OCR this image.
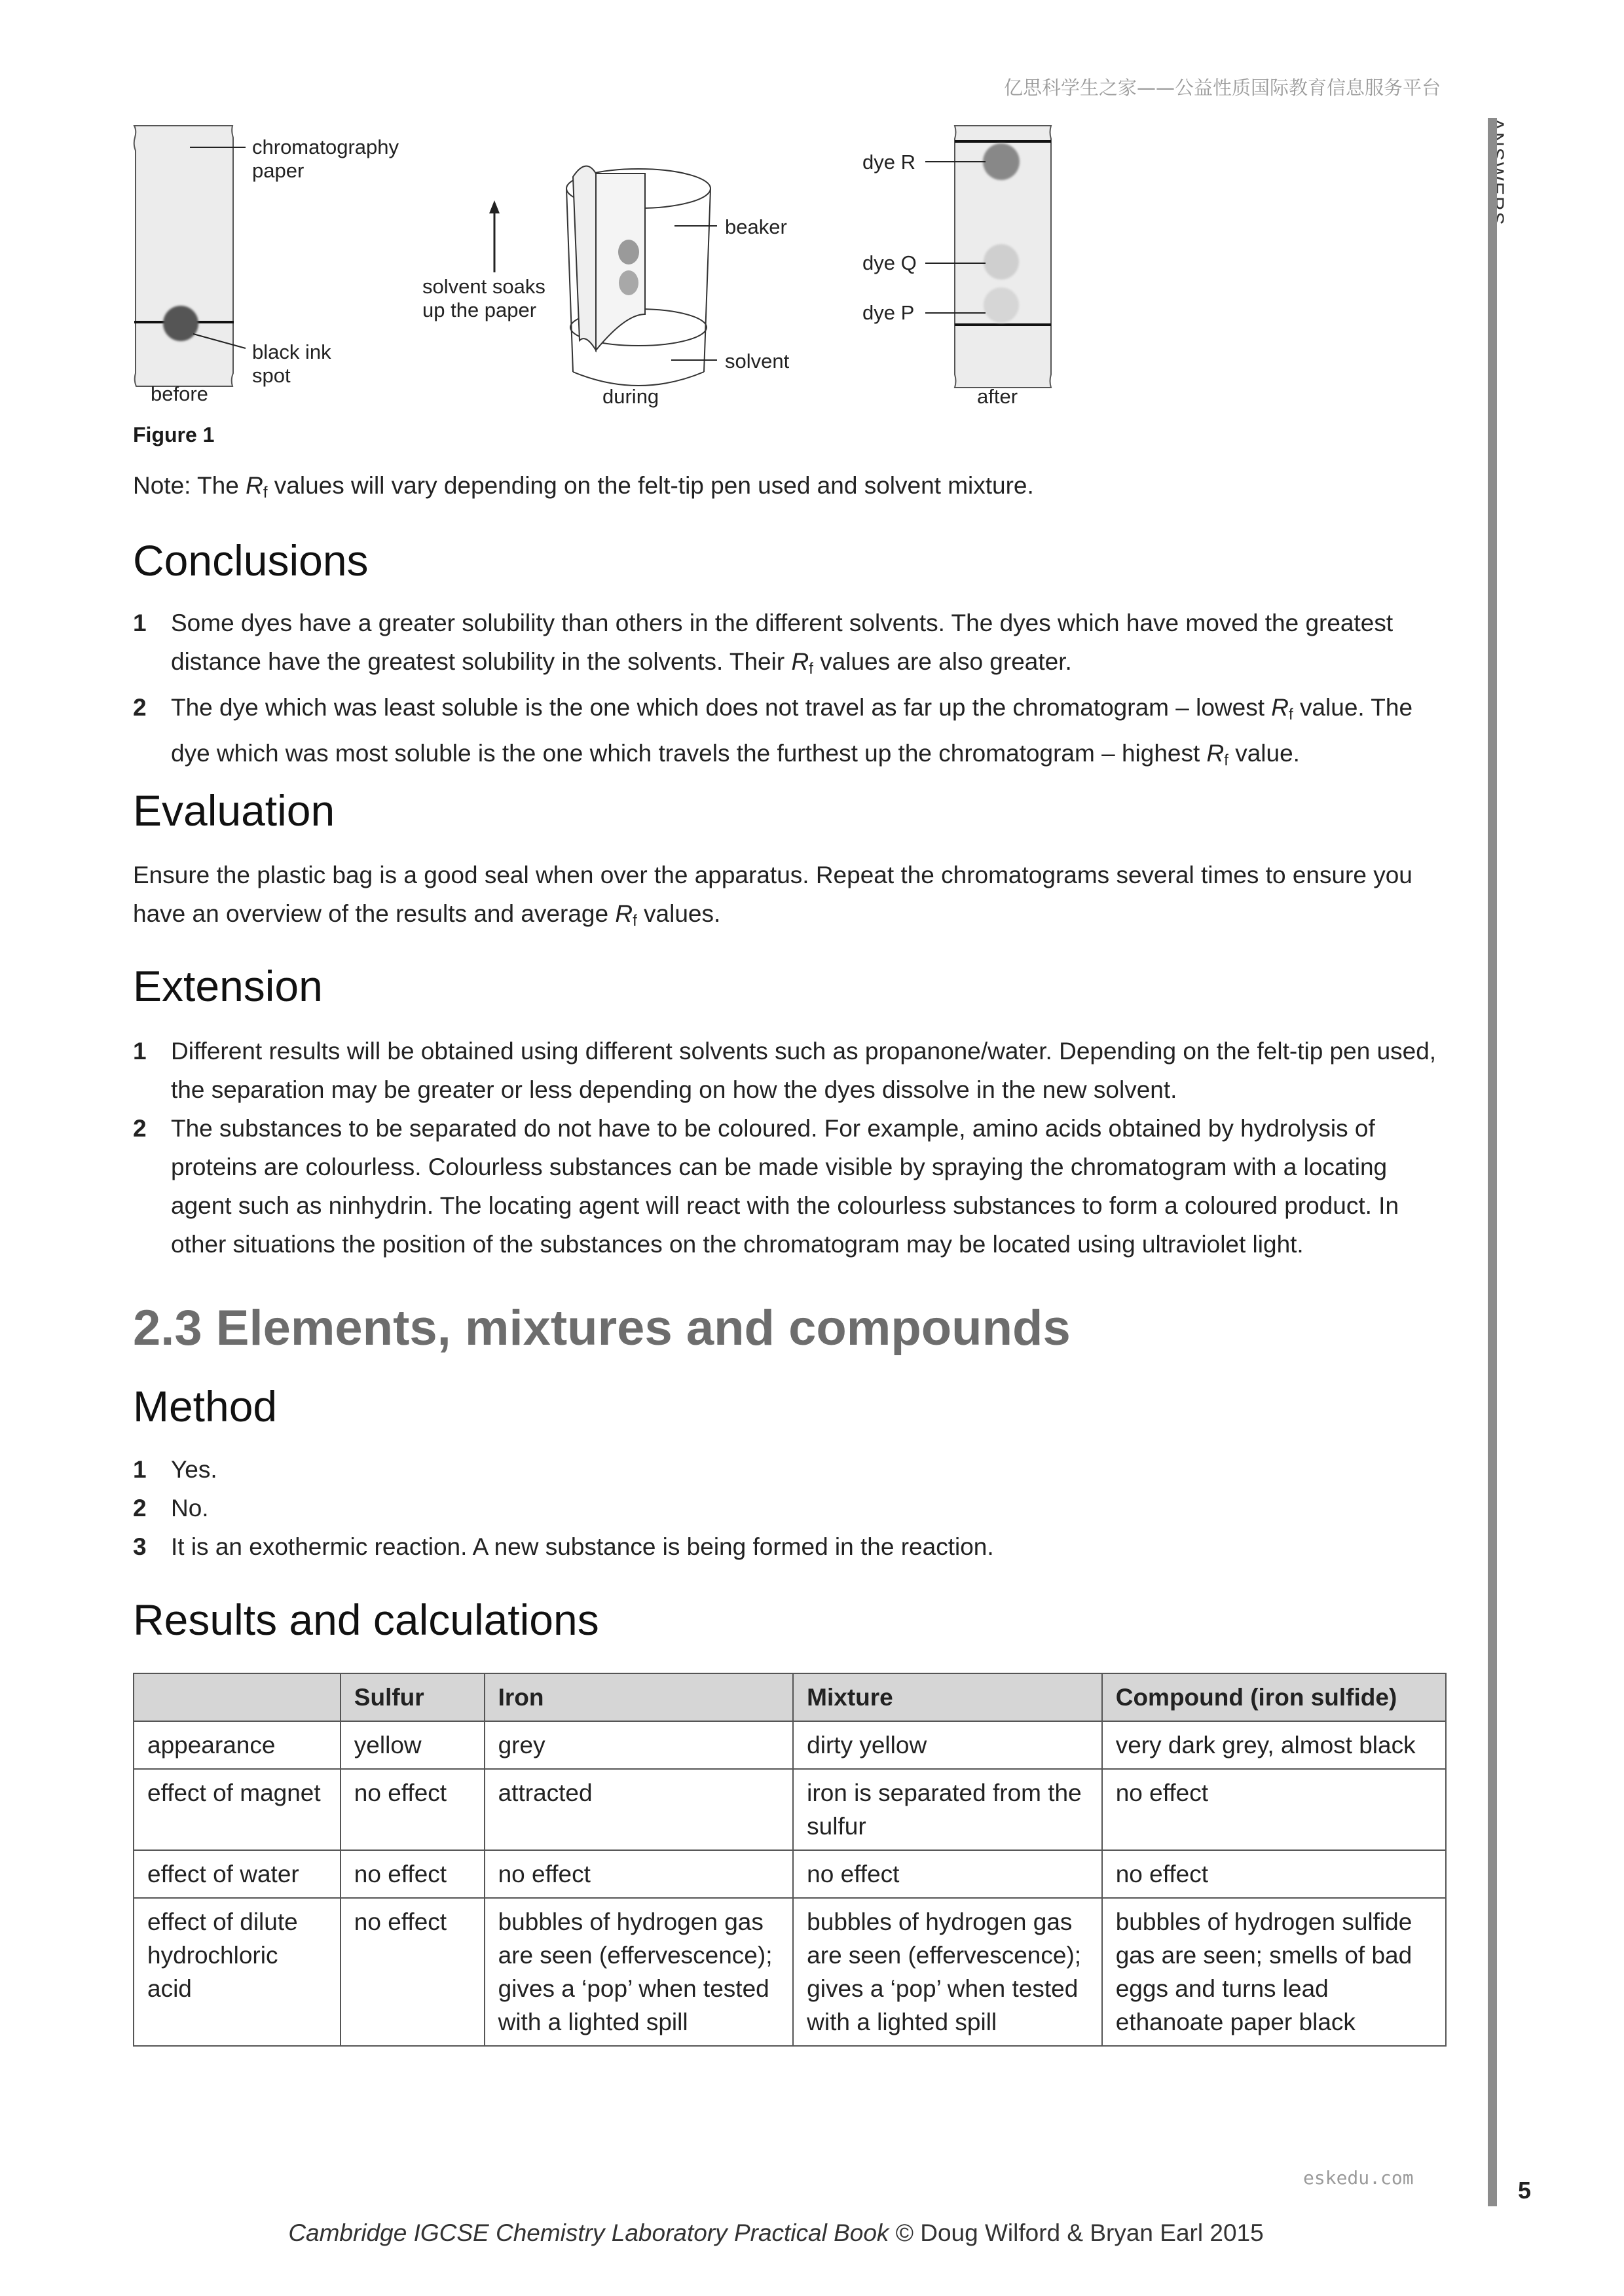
亿思科学生之家——公益性质国际教育信息服务平台
chromatography
paper
black ink
spot
before
solvent soaks
up the paper
beaker
solvent
during
dye R
dye Q
dye P
after
Figure 1
Note: The $R_f$ values will vary depending on the felt-tip pen used and solvent mixture.
Conclusions
1 Some dyes have a greater solubility than others in the different solvents. The dyes which have moved the greatest distance have the greatest solubility in the solvents. Their $R_f$ values are also greater.
2 The dye which was least soluble is the one which does not travel as far up the chromatogram – lowest $R_f$ value. The dye which was most soluble is the one which travels the furthest up the chromatogram – highest $R_f$ value.
Evaluation
Ensure the plastic bag is a good seal when over the apparatus. Repeat the chromatograms several times to ensure you have an overview of the results and average $R_f$ values.
Extension
1 Different results will be obtained using different solvents such as propanone/water. Depending on the felt-tip pen used, the separation may be greater or less depending on how the dyes dissolve in the new solvent.
2 The substances to be separated do not have to be coloured. For example, amino acids obtained by hydrolysis of proteins are colourless. Colourless substances can be made visible by spraying the chromatogram with a locating agent such as ninhydrin. The locating agent will react with the colourless substances to form a coloured product. In other situations the position of the substances on the chromatogram may be located using ultraviolet light.
2.3 Elements, mixtures and compounds
Method
1 Yes.
2 No.
3 It is an exothermic reaction. A new substance is being formed in the reaction.
Results and calculations
	Sulfur	Iron	Mixture	Compound (iron sulfide)
appearance	yellow	grey	dirty yellow	very dark grey, almost black
effect of magnet	no effect	attracted	iron is separated from the sulfur	no effect
effect of water	no effect	no effect	no effect	no effect
effect of dilute hydrochloric acid	no effect	bubbles of hydrogen gas are seen (effervescence); gives a ‘pop’ when tested with a lighted spill	bubbles of hydrogen gas are seen (effervescence); gives a ‘pop’ when tested with a lighted spill	bubbles of hydrogen sulfide gas are seen; smells of bad eggs and turns lead ethanoate paper black
eskedu.com	5
Cambridge IGCSE Chemistry Laboratory Practical Book © Doug Wilford & Bryan Earl 2015
